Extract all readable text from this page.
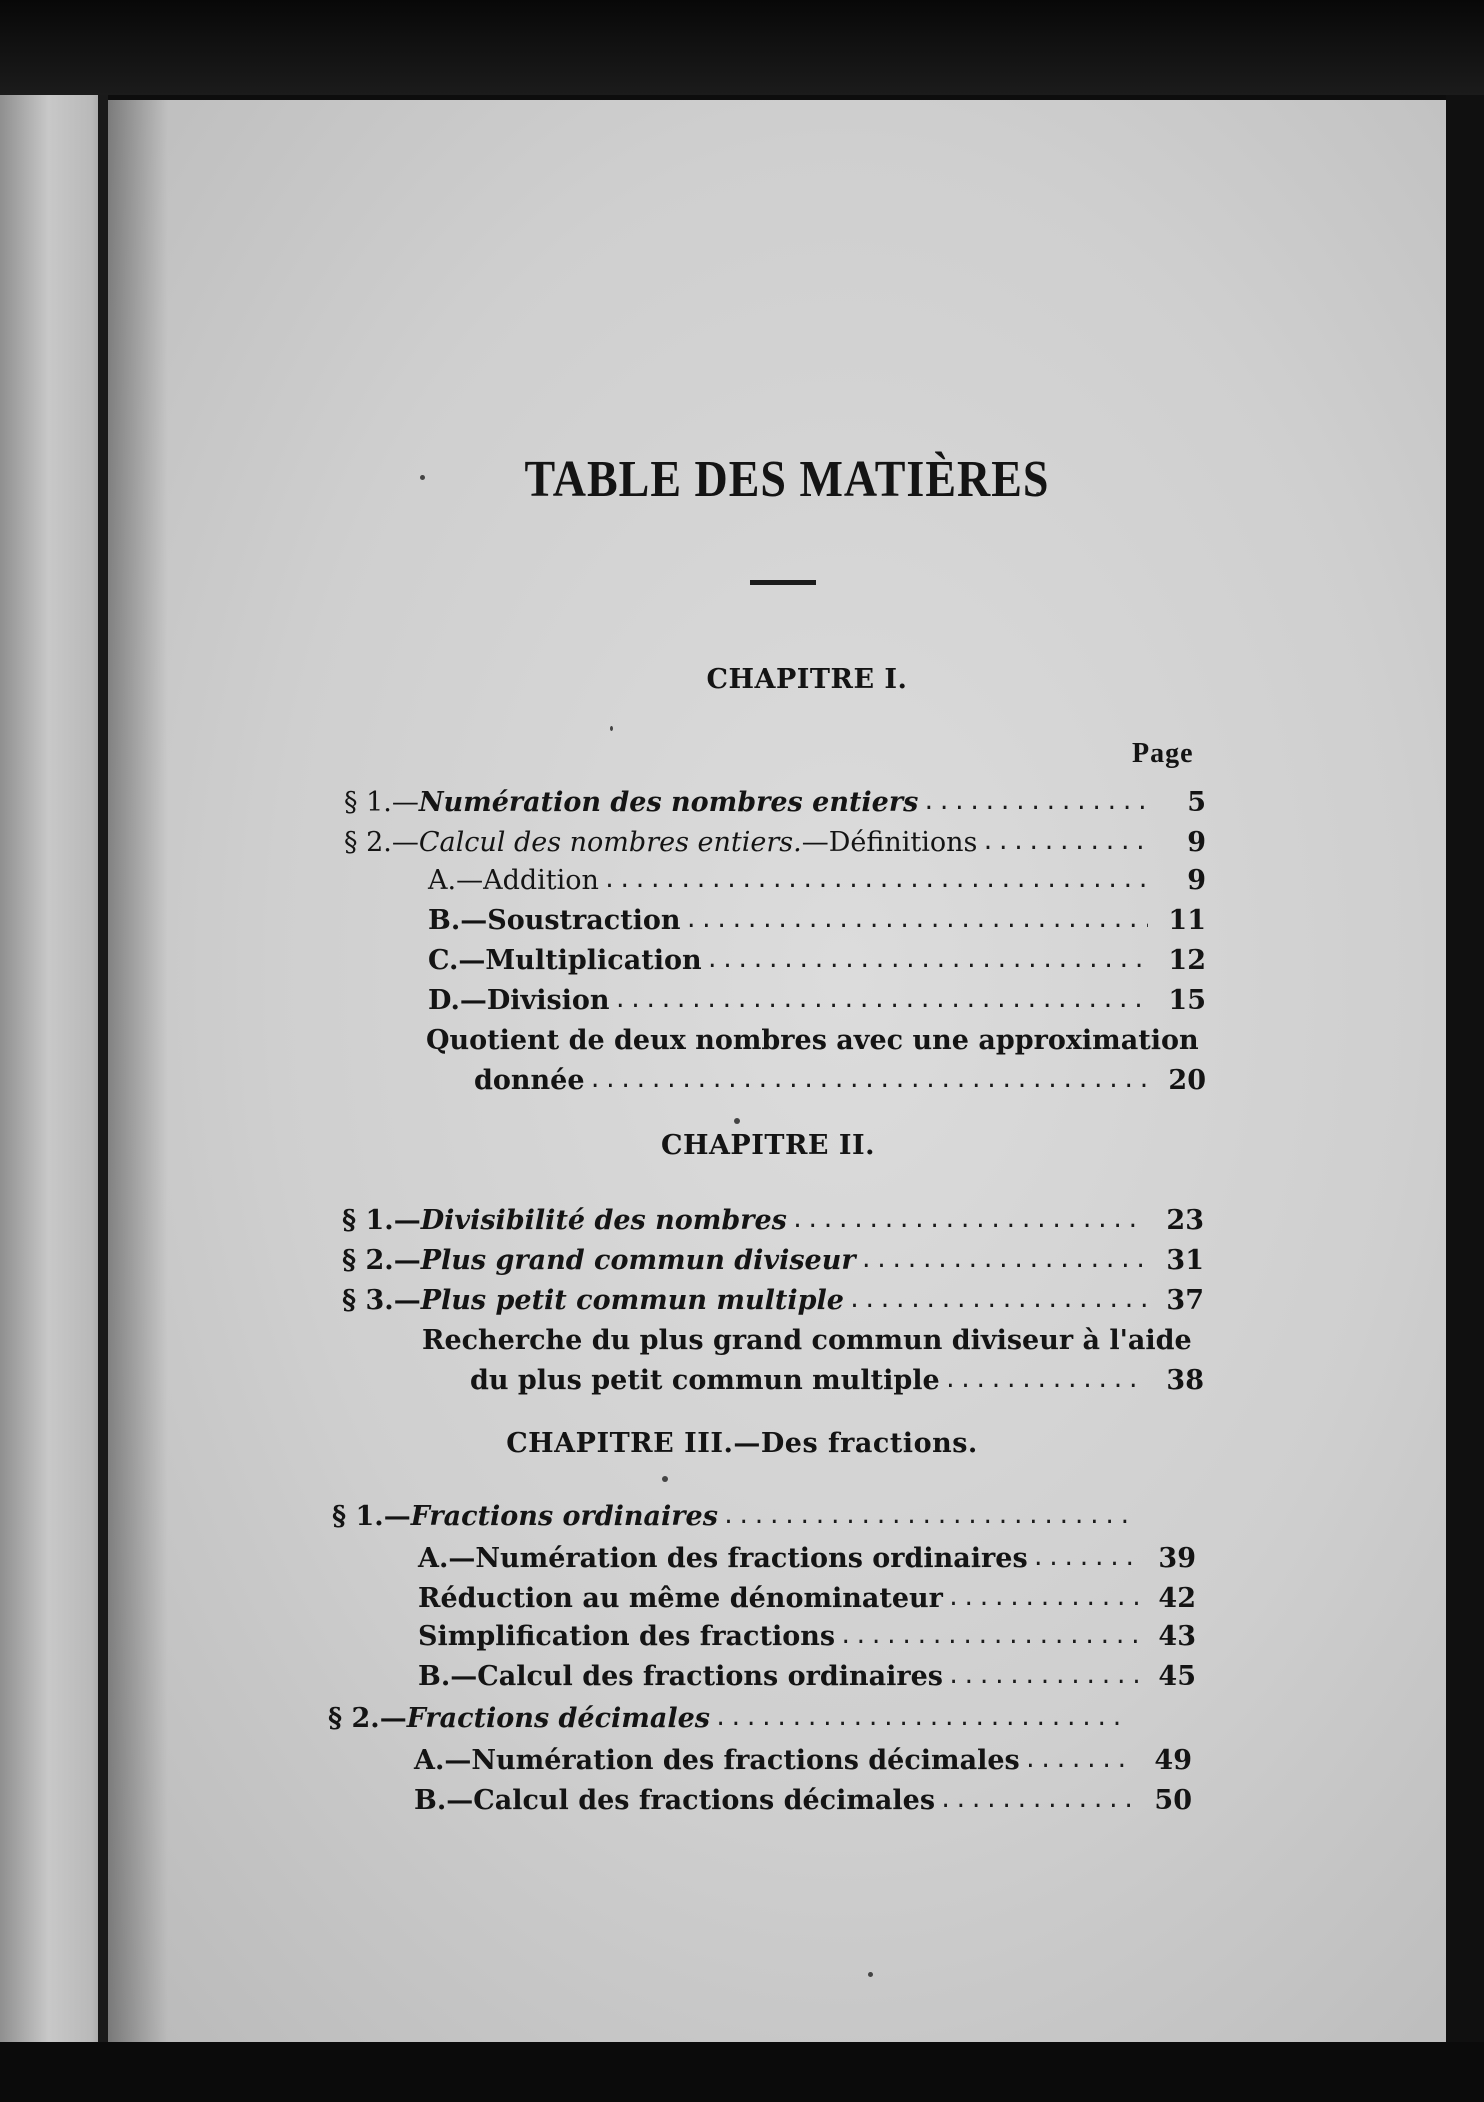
TABLE DES MATIÈRES
CHAPITRE I.
Page
§ 1.—Numération des nombres entiers .....	5
§ 2.—Calcul des nombres entiers.—Définitions .....	9
A.—Addition .....	9
B.—Soustraction .....	11
C.—Multiplication .....	12
D.—Division .....	15
Quotient de deux nombres avec une approximation
donnée .....	20
CHAPITRE II.
§ 1.—Divisibilité des nombres .....	23
§ 2.—Plus grand commun diviseur .....	31
§ 3.—Plus petit commun multiple .....	37
Recherche du plus grand commun diviseur à l'aide
du plus petit commun multiple .....	38
CHAPITRE III.—Des fractions.
§ 1.—Fractions ordinaires
.....
A.—Numération des fractions ordinaires .....	39
Réduction au même dénominateur .....	42
Simplification des fractions .....	43
B.—Calcul des fractions ordinaires .....	45
§ 2.—Fractions décimales
.....
A.—Numération des fractions décimales .....	49
B.—Calcul des fractions décimales .....	50
